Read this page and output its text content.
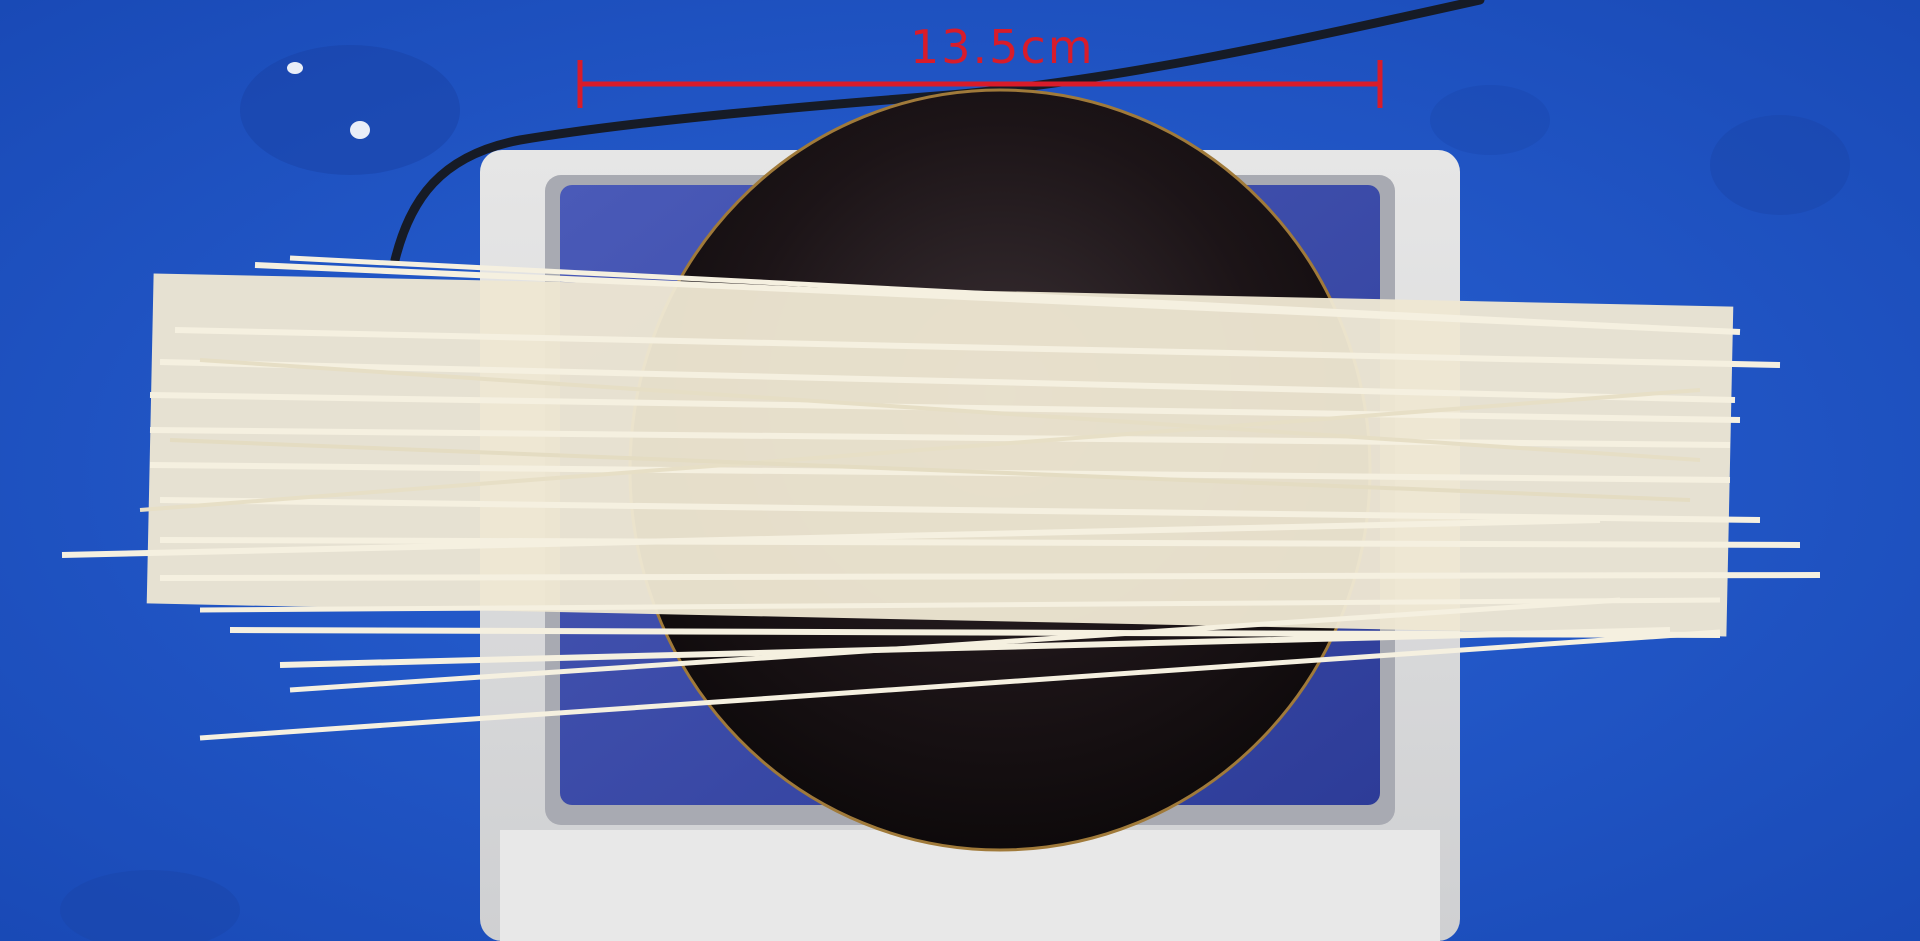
13.5cm
